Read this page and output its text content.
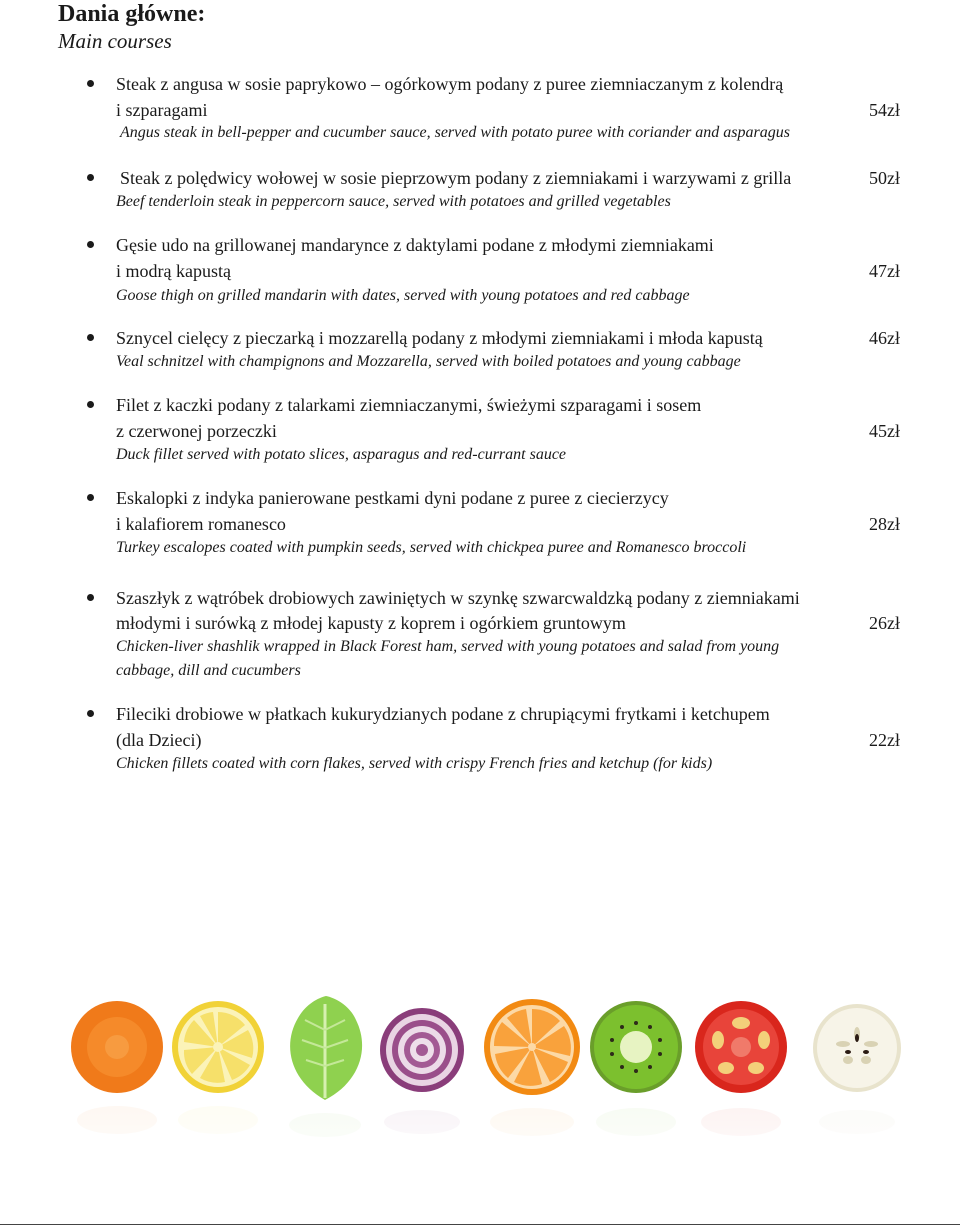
Dania główne:
Main courses
Steak z angusa w sosie paprykowo – ogórkowym podany z puree ziemniaczanym z kolendrą
i szparagami
Angus steak in bell-pepper and cucumber sauce, served with potato puree with coriander and asparagus
54zł
Steak z polędwicy wołowej w sosie pieprzowym podany z ziemniakami i warzywami z grilla
Beef tenderloin steak in peppercorn sauce, served with potatoes and grilled vegetables
50zł
Gęsie udo na grillowanej mandarynce z daktylami podane z młodymi ziemniakami
i modrą kapustą
Goose thigh on grilled mandarin with dates, served with young potatoes and red cabbage
47zł
Sznycel cielęcy z pieczarką i mozzarellą podany z młodymi ziemniakami i młoda kapustą
Veal schnitzel with champignons and Mozzarella, served with boiled potatoes and young cabbage
46zł
Filet z kaczki podany z talarkami ziemniaczanymi, świeżymi szparagami i sosem
z czerwonej porzeczki
Duck fillet served with potato slices, asparagus and red-currant sauce
45zł
Eskalopki z indyka panierowane pestkami dyni podane z puree z ciecierzycy
i kalafiorem romanesco
Turkey escalopes coated with pumpkin seeds, served with chickpea puree and Romanesco broccoli
28zł
Szaszłyk z wątróbek drobiowych zawiniętych w szynkę szwarcwaldzką podany z ziemniakami
młodymi i surówką z młodej kapusty z koprem i ogórkiem gruntowym
Chicken-liver shashlik wrapped in Black Forest ham, served with young potatoes and salad from young
cabbage, dill and cucumbers
26zł
Fileciki drobiowe w płatkach kukurydzianych podane z chrupiącymi frytkami i ketchupem
(dla Dzieci)
Chicken fillets coated with corn flakes, served with crispy French fries and ketchup (for kids)
22zł
